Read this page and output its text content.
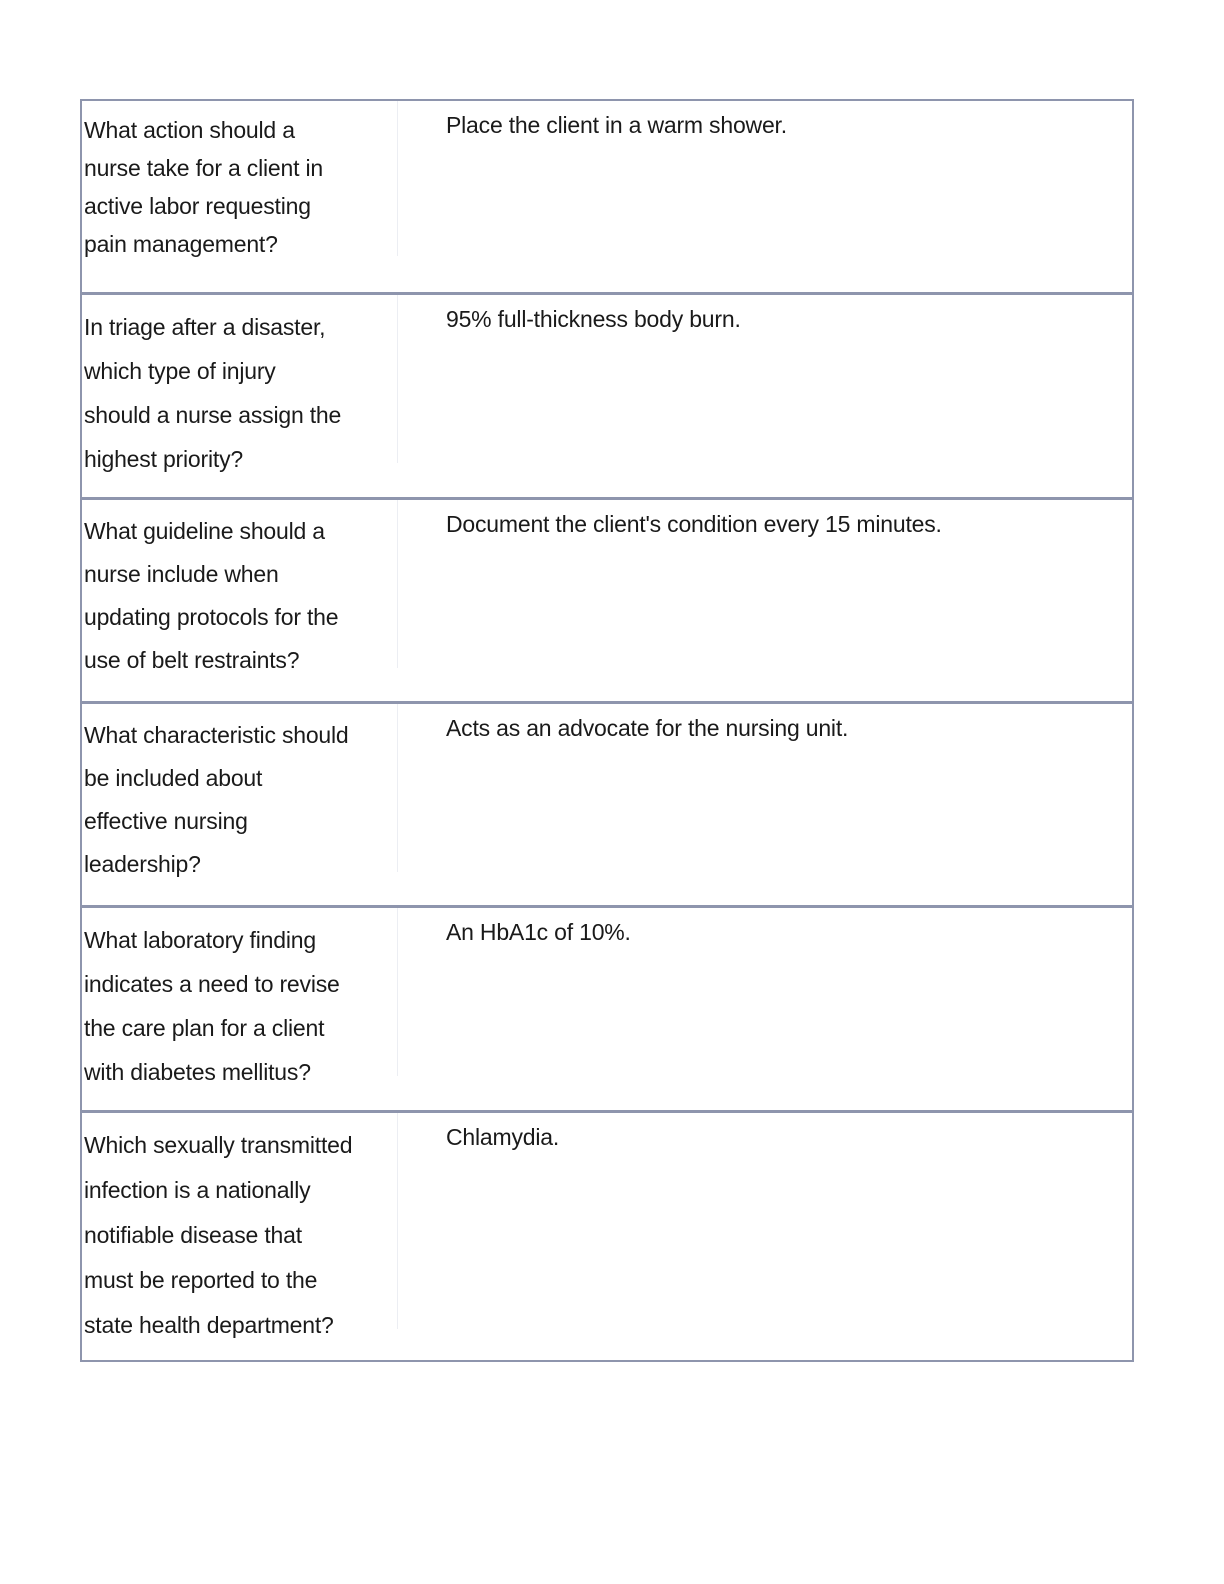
What action should a
nurse take for a client in
active labor requesting
pain management?

Place the client in a warm shower.

In triage after a disaster,
which type of injury
should a nurse assign the
highest priority?

95% full-thickness body burn.

What guideline should a
nurse include when
updating protocols for the
use of belt restraints?

Document the client's condition every 15 minutes.

What characteristic should
be included about
effective nursing
leadership?

Acts as an advocate for the nursing unit.

What laboratory finding
indicates a need to revise
the care plan for a client
with diabetes mellitus?

An HbA1c of 10%.

Which sexually transmitted
infection is a nationally
notifiable disease that
must be reported to the
state health department?

Chlamydia.
